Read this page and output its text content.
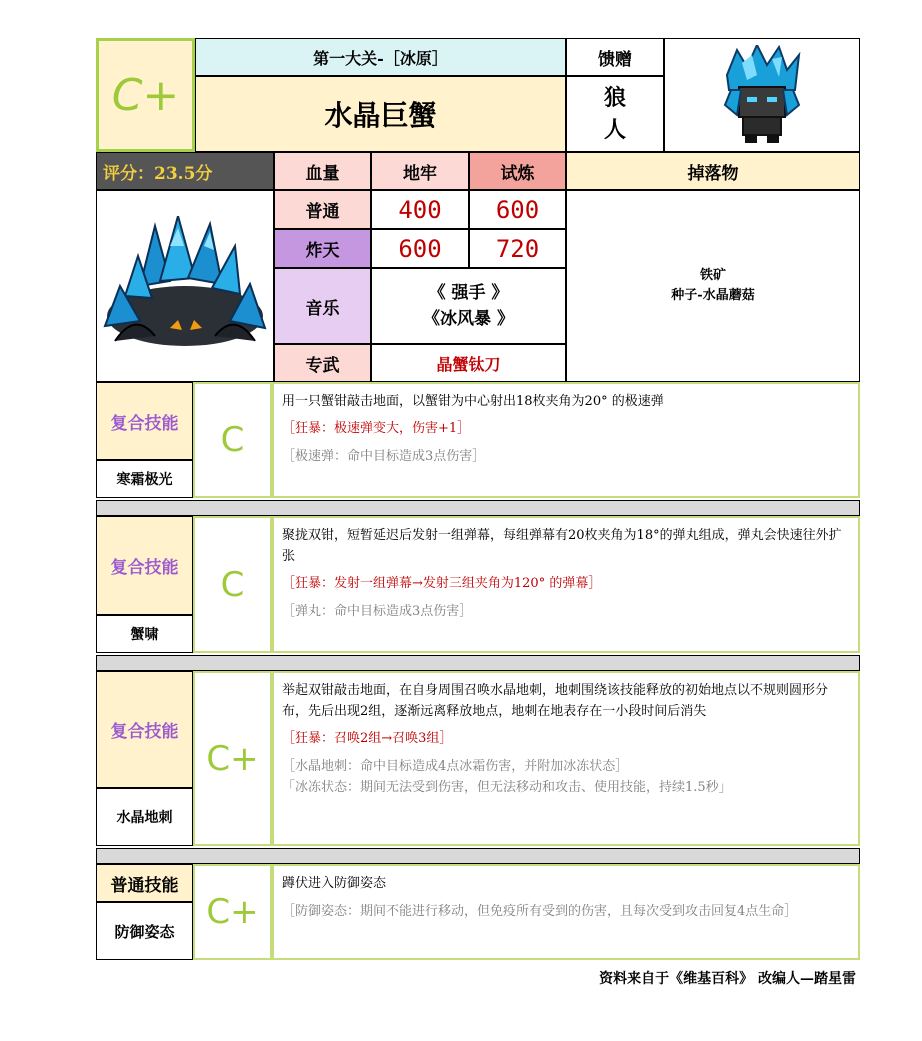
C+
第一大关-［冰原］
水晶巨蟹
馈赠
狼人
评分：23.5分	血量	地牢	试炼	掉落物
普通 400 600
炸天 600 720
音乐
《 强手 》
《冰风暴 》
专武	晶蟹钛刀
铁矿
种子-水晶蘑菇
复合技能
寒霜极光
C

用一只蟹钳敲击地面，以蟹钳为中心射出18枚夹角为20° 的极速弹

［狂暴：极速弹变大，伤害+1］

［极速弹：命中目标造成3点伤害］

复合技能
蟹啸
C

聚拢双钳，短暂延迟后发射一组弹幕，每组弹幕有20枚夹角为18°的弹丸组成，弹丸会快速往外扩张

［狂暴：发射一组弹幕→发射三组夹角为120° 的弹幕］

［弹丸：命中目标造成3点伤害］

复合技能
水晶地刺
C+

举起双钳敲击地面，在自身周围召唤水晶地刺，地刺围绕该技能释放的初始地点以不规则圆形分布，先后出现2组，逐渐远离释放地点，地刺在地表存在一小段时间后消失

［狂暴：召唤2组→召唤3组］

［水晶地刺：命中目标造成4点冰霜伤害，并附加冰冻状态］

「冰冻状态：期间无法受到伤害，但无法移动和攻击、使用技能，持续1.5秒」

普通技能
防御姿态 C+

蹲伏进入防御姿态

［防御姿态：期间不能进行移动，但免疫所有受到的伤害，且每次受到攻击回复4点生命］

资料来自于《维基百科》 改编人—踏星雷
